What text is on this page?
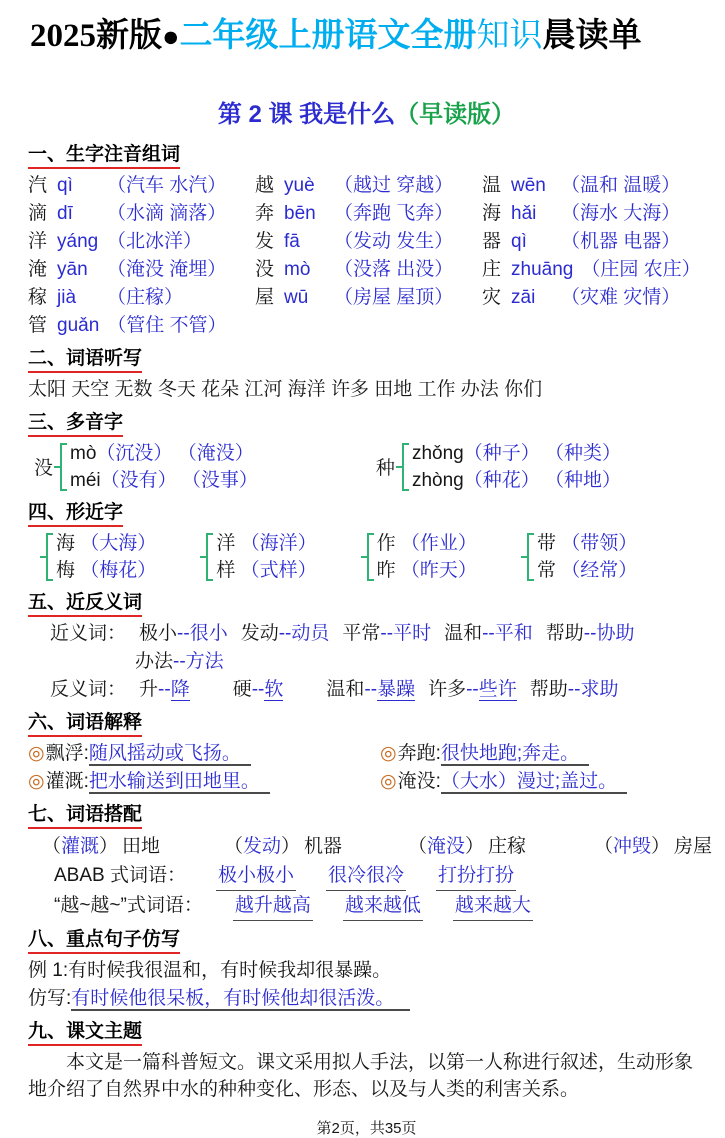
2025新版●二年级上册语文全册知识晨读单
第 2 课 我是什么（早读版）
一、生字注音组词
汽 qì	（汽车 水汽） 越 yuè	（越过 穿越） 温 wēn （温和 温暖）
滴 dī	（水滴 滴落） 奔 bēn （奔跑 飞奔） 海 hǎi	（海水 大海）
洋 yáng （北冰洋）	发 fā	（发动 发生） 器 qì	（机器 电器）
淹 yān	（淹没 淹埋） 没 mò	（没落 出没） 庄 zhuāng （庄园 农庄）
稼 jià	（庄稼）	屋 wū	（房屋 屋顶） 灾 zāi	（灾难 灾情）
管 guǎn （管住 不管）
二、词语听写
太阳 天空 无数 冬天 花朵 江河 海洋 许多 田地 工作 办法 你们
三、多音字
没
mò（沉没） （淹没）
méi（没有） （没事）
种
zhǒng（种子） （种类）
zhòng（种花） （种地）
四、形近字
海 （大海）
梅 （梅花）
洋 （海洋）
样 （式样）
作 （作业）
昨 （昨天）
带 （带领）
常 （经常）
五、近反义词
近义词： 极小--很小 发动--动员 平常--平时 温和--平和 帮助--协助
办法--方法
反义词： 升--降 硬--软 温和--暴躁 许多--些许 帮助--求助
六、词语解释
◎飘浮:随风摇动或飞扬。	◎奔跑:很快地跑;奔走。
◎灌溉:把水输送到田地里。	◎淹没:（大水）漫过;盖过。
七、词语搭配
（灌溉） 田地	（发动） 机器	（淹没） 庄稼	（冲毁） 房屋
ABAB 式词语： 极小极小 很冷很冷 打扮打扮
“越~越~”式词语： 越升越高 越来越低 越来越大
八、重点句子仿写
例 1:有时候我很温和，有时候我却很暴躁。
仿写:有时候他很呆板，有时候他却很活泼。
九、课文主题

本文是一篇科普短文。课文采用拟人手法，以第一人称进行叙述，生动形象地介绍了自然界中水的种种变化、形态、以及与人类的利害关系。

第2页，共35页
